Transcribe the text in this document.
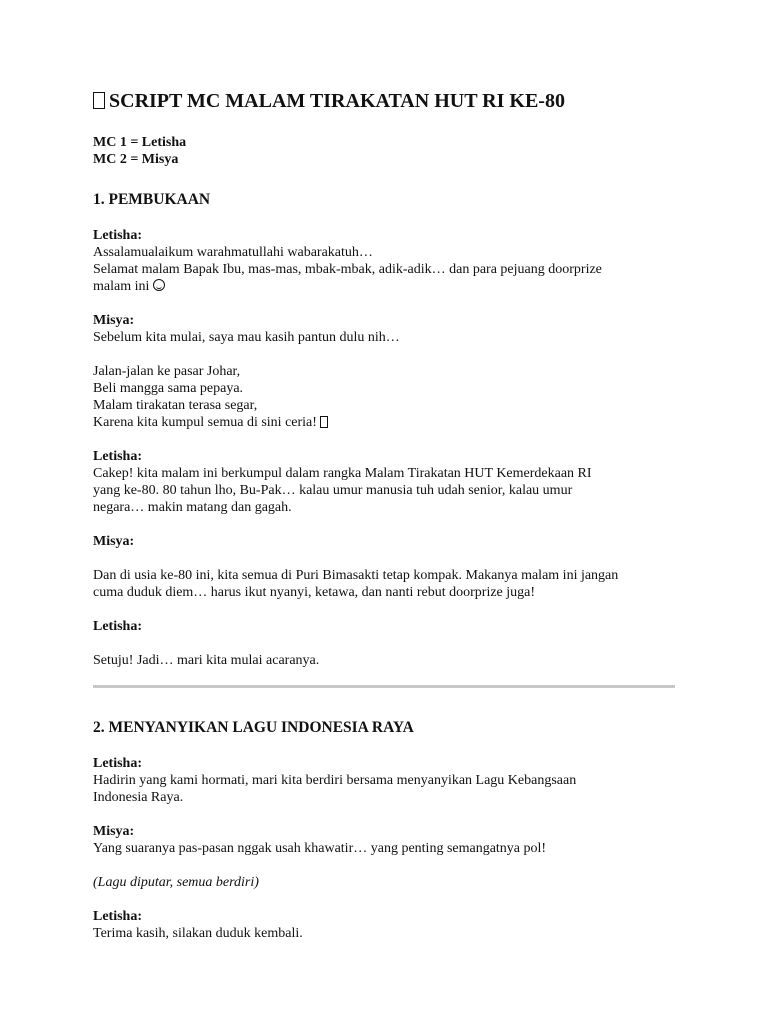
SCRIPT MC MALAM TIRAKATAN HUT RI KE-80

MC 1 = Letisha

MC 2 = Misya

1. PEMBUKAAN

Letisha:

Assalamualaikum warahmatullahi wabarakatuh…

Selamat malam Bapak Ibu, mas-mas, mbak-mbak, adik-adik… dan para pejuang doorprize

malam ini

Misya:

Sebelum kita mulai, saya mau kasih pantun dulu nih…

Jalan-jalan ke pasar Johar,

Beli mangga sama pepaya.

Malam tirakatan terasa segar,

Karena kita kumpul semua di sini ceria!

Letisha:

Cakep! kita malam ini berkumpul dalam rangka Malam Tirakatan HUT Kemerdekaan RI

yang ke-80. 80 tahun lho, Bu-Pak… kalau umur manusia tuh udah senior, kalau umur

negara… makin matang dan gagah.

Misya:

Dan di usia ke-80 ini, kita semua di Puri Bimasakti tetap kompak. Makanya malam ini jangan

cuma duduk diem… harus ikut nyanyi, ketawa, dan nanti rebut doorprize juga!

Letisha:

Setuju! Jadi… mari kita mulai acaranya.

2. MENYANYIKAN LAGU INDONESIA RAYA

Letisha:

Hadirin yang kami hormati, mari kita berdiri bersama menyanyikan Lagu Kebangsaan

Indonesia Raya.

Misya:

Yang suaranya pas-pasan nggak usah khawatir… yang penting semangatnya pol!

(Lagu diputar, semua berdiri)

Letisha:

Terima kasih, silakan duduk kembali.
